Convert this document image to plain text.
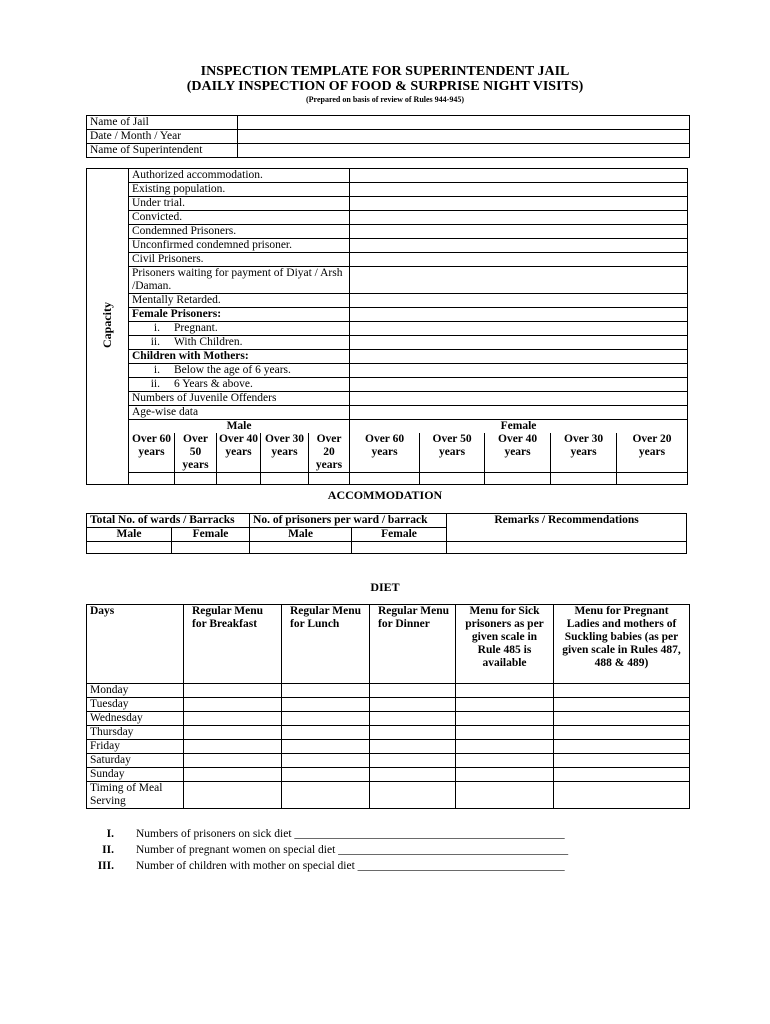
INSPECTION TEMPLATE FOR SUPERINTENDENT JAIL
(DAILY INSPECTION OF FOOD & SURPRISE NIGHT VISITS)
(Prepared on basis of review of Rules 944-945)
Name of Jail	
Date / Month / Year	
Name of Superintendent	
Capacity	Authorized accommodation.									
	Existing population.									
	Under trial.									
	Convicted.									
	Condemned Prisoners.									
	Unconfirmed condemned prisoner.									
	Civil Prisoners.									
	Prisoners waiting for payment of Diyat / Arsh /Daman.									
	Mentally Retarded.									
	Female Prisoners:									
	i. Pregnant.									
	ii. With Children.									
	Children with Mothers:									
	i. Below the age of 6 years.									
	ii. 6 Years & above.									
	Numbers of Juvenile Offenders									
	Age-wise data									
	Male					Female				
	Over 60 years	Over 50 years	Over 40 years	Over 30 years	Over 20 years	Over 60 years	Over 50 years	Over 40 years	Over 30 years	Over 20 years

ACCOMMODATION
Total No. of wards / Barracks		No. of prisoners per ward / barrack		Remarks / Recommendations
Male	Female	Male	Female	

DIET
Days	Regular Menu for Breakfast	Regular Menu for Lunch	Regular Menu for Dinner	Menu for Sick prisoners as per given scale in Rule 485 is available	Menu for Pregnant Ladies and mothers of Suckling babies (as per given scale in Rules 487, 488 & 489)
Monday					
Tuesday					
Wednesday					
Thursday					
Friday					
Saturday					
Sunday					
Timing of Meal Serving					
I.	Numbers of prisoners on sick diet _______________________________________________
II.	Number of pregnant women on special diet ________________________________________
III.	Number of children with mother on special diet ____________________________________
